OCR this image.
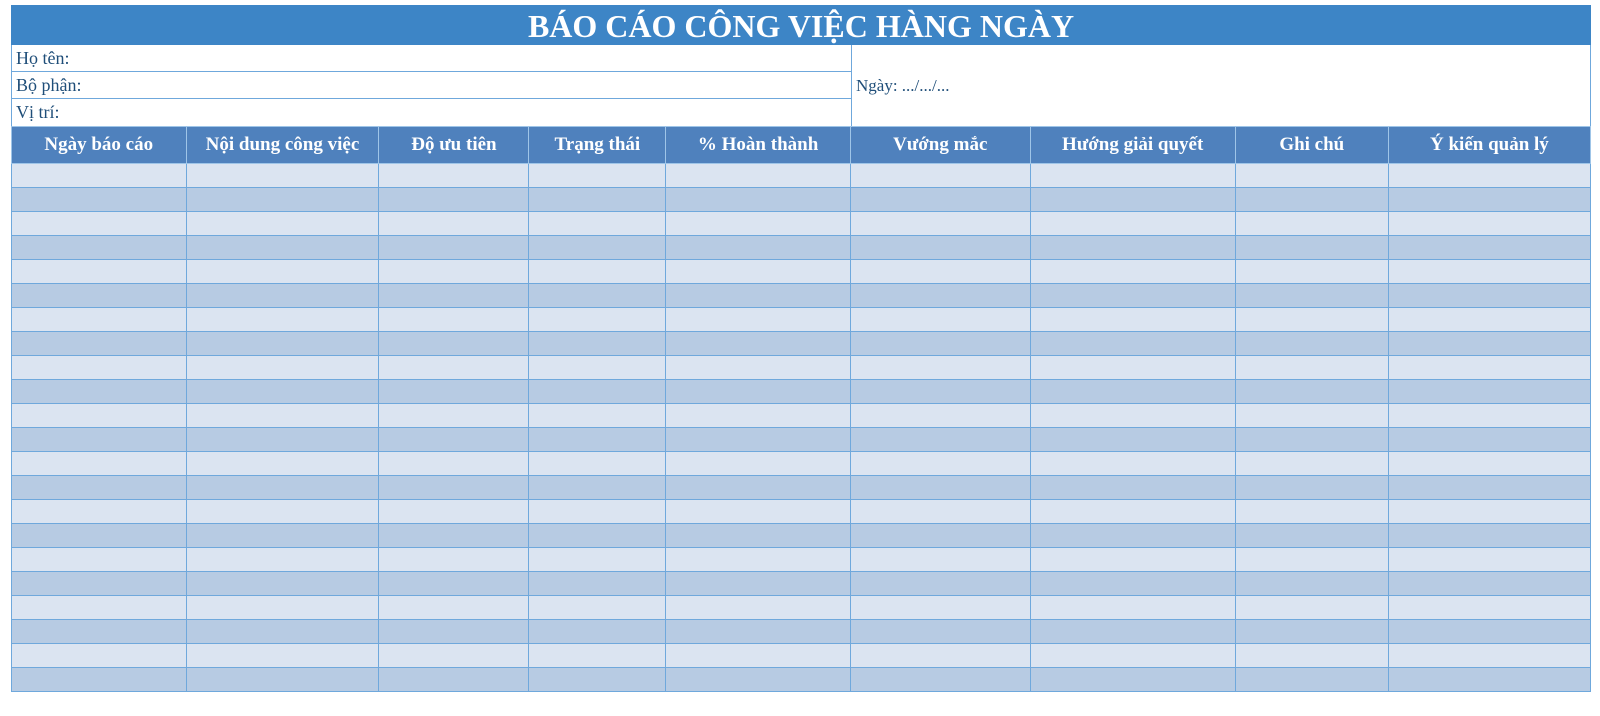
BÁO CÁO CÔNG VIỆC HÀNG NGÀY
Họ tên:
Bộ phận:
Vị trí:
Ngày: .../.../...
Ngày báo cáo	Nội dung công việc	Độ ưu tiên	Trạng thái	% Hoàn thành	Vướng mắc	Hướng giải quyết	Ghi chú	Ý kiến quản lý
